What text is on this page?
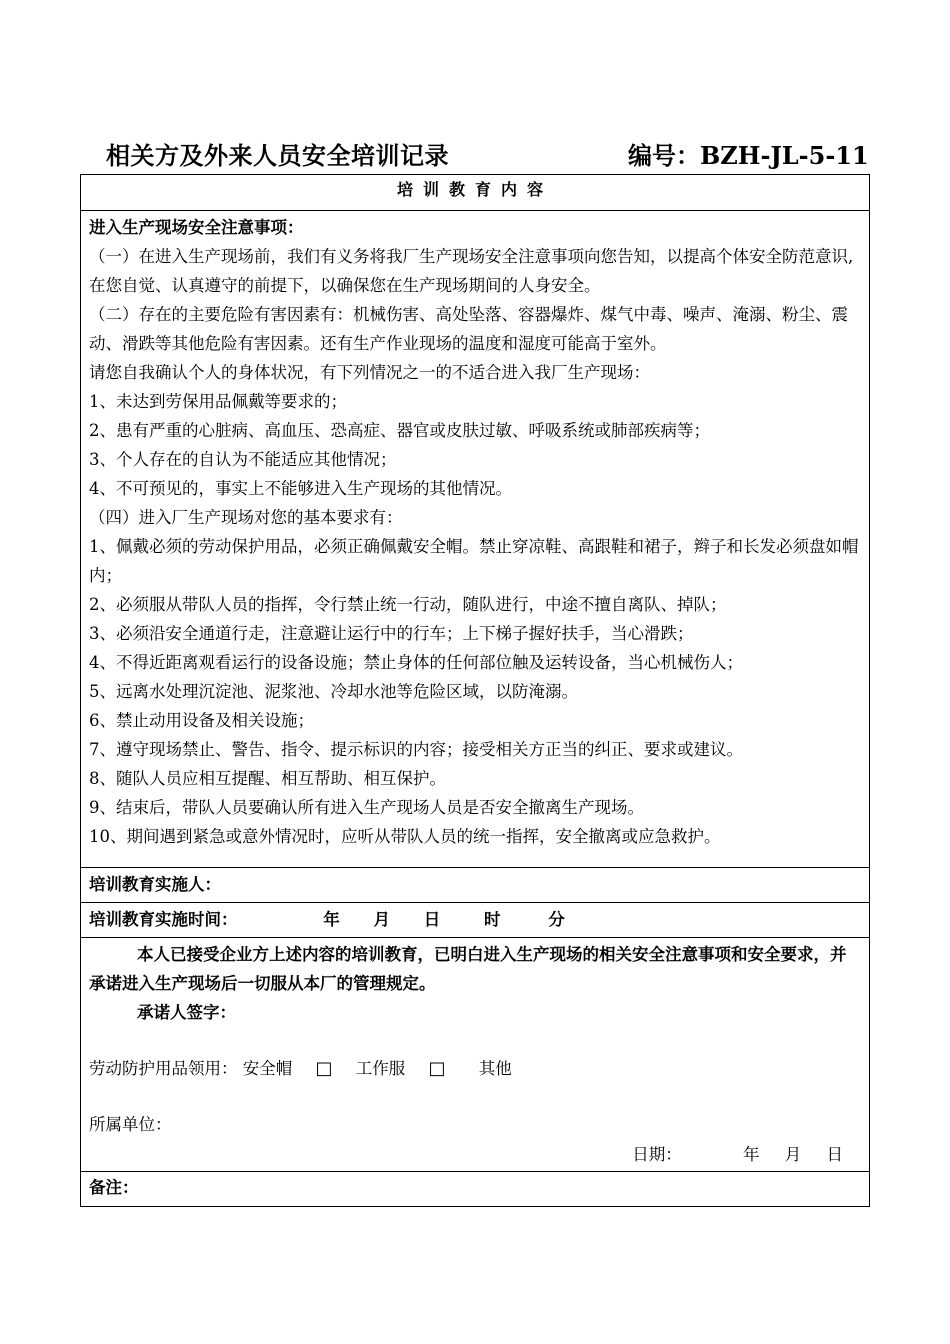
相关方及外来人员安全培训记录	编号：BZH-JL-5-11
培训教育内容

进入生产现场安全注意事项：

（一）在进入生产现场前，我们有义务将我厂生产现场安全注意事项向您告知，以提高个体安全防范意识,在您自觉、认真遵守的前提下，以确保您在生产现场期间的人身安全。

（二）存在的主要危险有害因素有：机械伤害、高处坠落、容器爆炸、煤气中毒、噪声、淹溺、粉尘、震动、滑跌等其他危险有害因素。还有生产作业现场的温度和湿度可能高于室外。

请您自我确认个人的身体状况，有下列情况之一的不适合进入我厂生产现场：

1、未达到劳保用品佩戴等要求的；

2、患有严重的心脏病、高血压、恐高症、器官或皮肤过敏、呼吸系统或肺部疾病等；

3、个人存在的自认为不能适应其他情况；

4、不可预见的，事实上不能够进入生产现场的其他情况。

（四）进入厂生产现场对您的基本要求有：

1、佩戴必须的劳动保护用品，必须正确佩戴安全帽。禁止穿凉鞋、高跟鞋和裙子，辫子和长发必须盘如帽内；

2、必须服从带队人员的指挥，令行禁止统一行动，随队进行，中途不擅自离队、掉队；

3、必须沿安全通道行走，注意避让运行中的行车；上下梯子握好扶手，当心滑跌；

4、不得近距离观看运行的设备设施；禁止身体的任何部位触及运转设备，当心机械伤人；

5、远离水处理沉淀池、泥浆池、冷却水池等危险区域，以防淹溺。

6、禁止动用设备及相关设施；

7、遵守现场禁止、警告、指令、提示标识的内容；接受相关方正当的纠正、要求或建议。

8、随队人员应相互提醒、相互帮助、相互保护。

9、结束后，带队人员要确认所有进入生产现场人员是否安全撤离生产现场。

10、期间遇到紧急或意外情况时，应听从带队人员的统一指挥，安全撤离或应急救护。

培训教育实施人：
培训教育实施时间：	年 月 日	时	分

本人已接受企业方上述内容的培训教育，已明白进入生产现场的相关安全注意事项和安全要求，并承诺进入生产现场后一切服从本厂的管理规定。

承诺人签字：

劳动防护用品领用： 安全帽 □ 工作服 □ 其他
所属单位：
日期：	年 月 日
备注：
